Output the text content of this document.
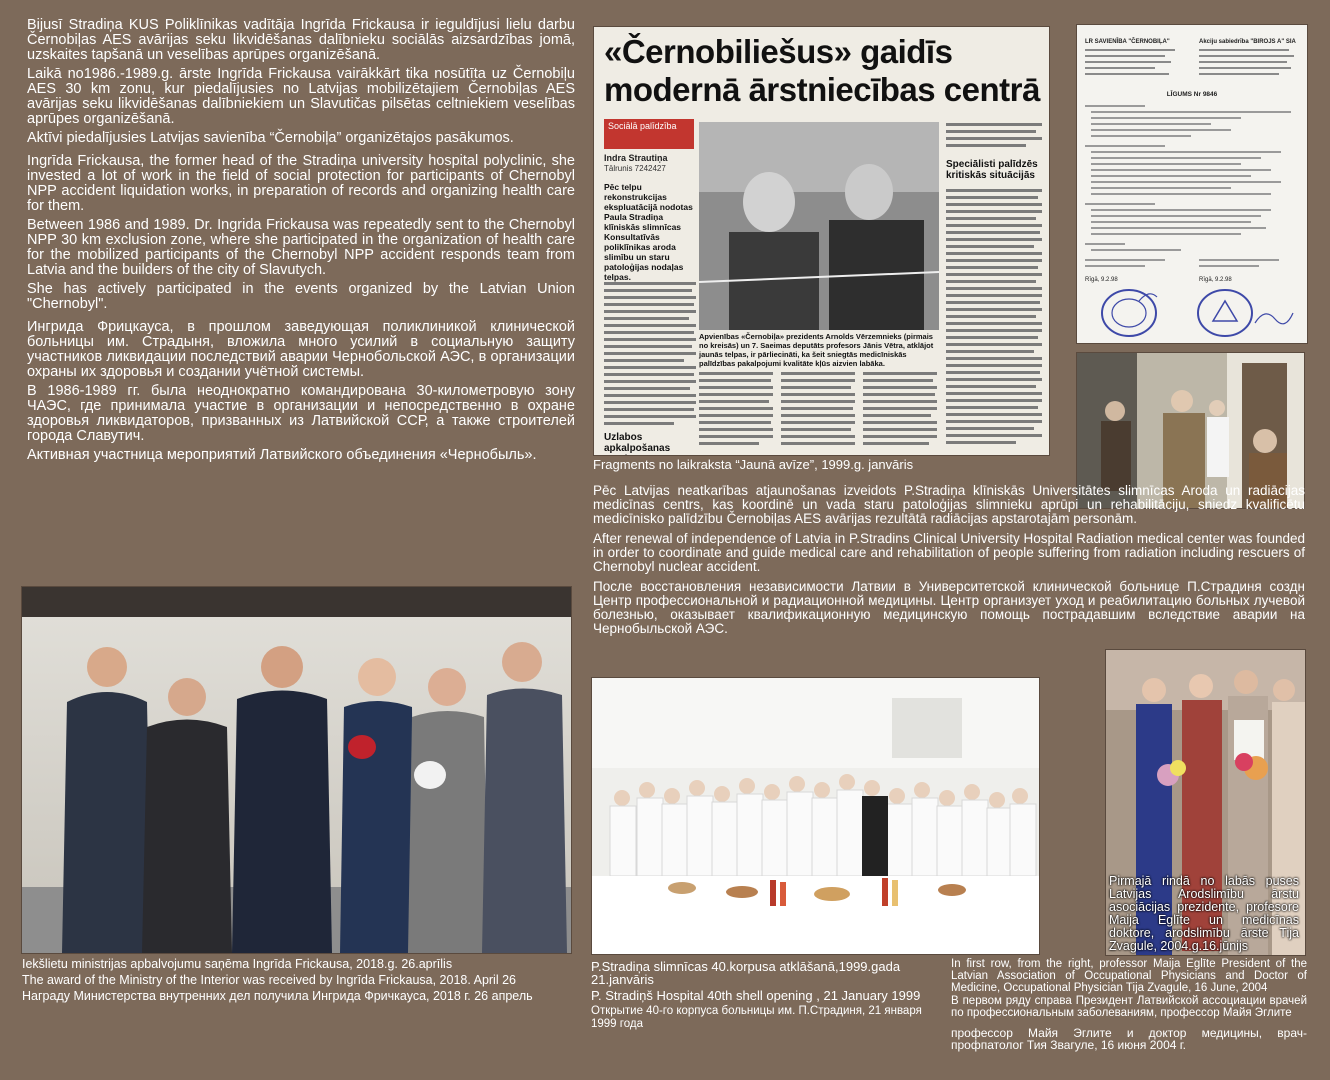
Bijusī Stradiņa KUS Poliklīnikas vadītāja Ingrīda Frickausa ir ieguldījusi lielu darbu Černobiļas AES avārijas seku likvidēšanas dalībnieku sociālās aizsardzības jomā, uzskaites tapšanā un veselības aprūpes organizēšanā.

Laikā no1986.-1989.g. ārste Ingrīda Frickausa vairākkārt tika nosūtīta uz Černobiļu AES 30 km zonu, kur piedalījusies no Latvijas mobilizētajiem Černobiļas AES avārijas seku likvidēšanas dalībniekiem un Slavutičas pilsētas celtniekiem veselības aprūpes organizēšanā.

Aktīvi piedalījusies Latvijas savienība “Černobiļa” organizētajos pasākumos.

Ingrīda Frickausa, the former head of the Stradiņa university hospital polyclinic, she invested a lot of work in the field of social protection for participants of Chernobyl NPP accident liquidation works, in preparation of records and organizing health care for them.

Between 1986 and 1989. Dr. Ingrida Frickausa was repeatedly sent to the Chernobyl NPP 30 km exclusion zone, where she participated in the organization of health care for the mobilized participants of the Chernobyl NPP accident responds team from Latvia and the builders of the city of Slavutych.

She has actively participated in the events organized by the Latvian Union "Chernobyl".

Ингрида Фрицкауса, в прошлом заведующая поликлиникой клинической больницы им. Страдыня, вложила много усилий в социальную защиту участников ликвидации последствий аварии Чернобольской АЭС, в организации охраны их здоровья и создании учётной системы.

В 1986-1989 гг. была неоднократно командирована 30-километровую зону ЧАЭС, где принимала участие в организации и непосредственно в охране здоровья ликвидаторов, призванных из Латвийской ССР, а также строителей города Славутич.

Активная участница мероприятий Латвийского объединения «Чернобыль».

«Černobiliešus» gaidīs
modernā ārstniecības centrā
Sociālā palīdzība
Indra Strautiņa
Tālrunis 7242427
Pēc telpu rekonstrukcijas ekspluatācijā nodotas Paula Stradiņa klīniskās slimnīcas Konsultatīvās poliklīnikas aroda slimību un staru patoloģijas nodaļas telpas.
Uzlabos apkalpošanas
Apvienības «Černobiļa» prezidents Arnolds Vērzemnieks (pirmais no kreisās) un 7. Saeimas deputāts profesors Jānis Vētra, atklājot jaunās telpas, ir pārliecināti, ka šeit sniegtās medicīniskās palīdzības pakalpojumi kvalitāte kļūs aizvien labāka.
Speciālisti palīdzēs kritiskās situācijās
Fragments no laikraksta “Jaunā avīze”, 1999.g. janvāris
LR SAVIENĪBA "ČERNOBIĻA"	Akciju sabiedrība "BIROJS A" SIA
LĪGUMS Nr 9846
Rīgā, 9.2.98	Rīgā, 9.2.98

Pēc Latvijas neatkarības atjaunošanas izveidots P.Stradiņa klīniskās Universitātes slimnīcas Aroda un radiācijas medicīnas centrs, kas koordinē un vada staru patoloģijas slimnieku aprūpi un rehabilitāciju, sniedz kvalificētu medicīnisko palīdzību Černobiļas AES avārijas rezultātā radiācijas apstarotajām personām.

After renewal of independence of Latvia in P.Stradins Clinical University Hospital Radiation medical center was founded in order to coordinate and guide medical care and rehabilitation of people suffering from radiation including rescuers of Chernobyl nuclear accident.

После восстановления независимости Латвии в Университетской клинической больнице П.Страдиня создн Центр профессиональной и радиационной медицины. Центр организует уход и реабилитацию больных лучевой болезнью, оказывает квалификационную медицинскую помощь пострадавшим вследствие аварии на Чернобыльской АЭС.

Iekšlietu ministrijas apbalvojumu saņēma Ingrīda Frickausa, 2018.g. 26.aprīlis

The award of the Ministry of the Interior was received by Ingrīda Frickausa, 2018. April 26

Награду Министерства внутренних дел получила Ингрида Фричкауса, 2018 г. 26 апрель

P.Stradiņa slimnīcas 40.korpusa atklāšanā,1999.gada 21.janvāris

P. Stradiņš Hospital 40th shell opening , 21 January 1999

Открытие 40-го корпуса больницы им. П.Страдиня, 21 января 1999 года

Pirmajā rindā no labās puses Latvijas Arodslimību ārstu asociācijas prezidente, profesore Maija Eglīte un medicīnas doktore, arodslimību ārste Tija Zvagule, 2004.g.16.jūnijs

In first row, from the right, professor Maija Eglīte President of the Latvian Association of Occupational Physicians and Doctor of Medicine, Occupational Physician Tija Zvagule, 16 June, 2004

В первом ряду справа Президент Латвийской ассоциации врачей по профессиональным заболеваниям, профессор Майя Эглите

профессор Майя Эглите и доктор медицины, врач-профпатолог Тия Звагуле, 16 июня 2004 г.
